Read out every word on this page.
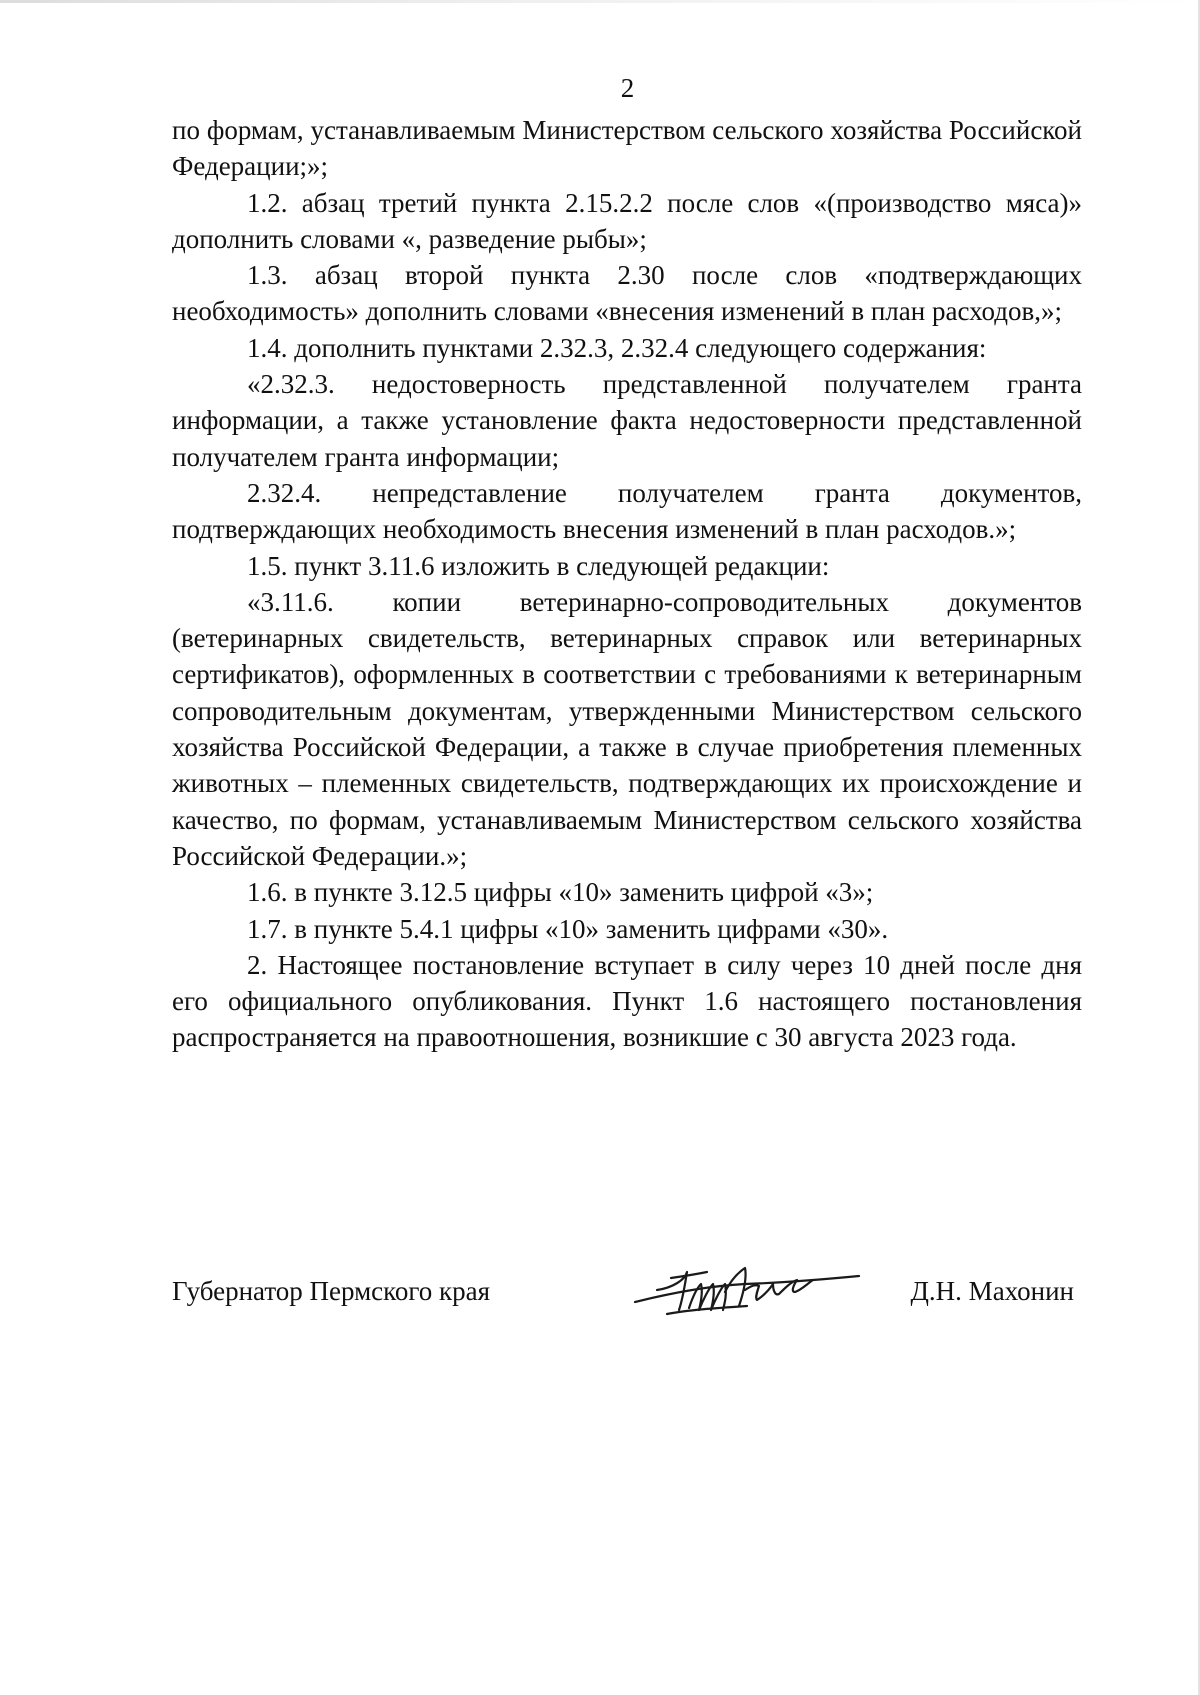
2

по формам, устанавливаемым Министерством сельского хозяйства Российской Федерации;»;

1.2. абзац третий пункта 2.15.2.2 после слов «(производство мяса)» дополнить словами «, разведение рыбы»;

1.3. абзац второй пункта 2.30 после слов «подтверждающих необходимость» дополнить словами «внесения изменений в план расходов,»;

1.4. дополнить пунктами 2.32.3, 2.32.4 следующего содержания:

«2.32.3. недостоверность представленной получателем гранта информации, а также установление факта недостоверности представленной получателем гранта информации;

2.32.4. непредставление получателем гранта документов, подтверждающих необходимость внесения изменений в план расходов.»;

1.5. пункт 3.11.6 изложить в следующей редакции:

«3.11.6. копии ветеринарно-сопроводительных документов (ветеринарных свидетельств, ветеринарных справок или ветеринарных сертификатов), оформленных в соответствии с требованиями к ветеринарным сопроводительным документам, утвержденными Министерством сельского хозяйства Российской Федерации, а также в случае приобретения племенных животных – племенных свидетельств, подтверждающих их происхождение и качество, по формам, устанавливаемым Министерством сельского хозяйства Российской Федерации.»;

1.6. в пункте 3.12.5 цифры «10» заменить цифрой «3»;

1.7. в пункте 5.4.1 цифры «10» заменить цифрами «30».

2. Настоящее постановление вступает в силу через 10 дней после дня его официального опубликования. Пункт 1.6 настоящего постановления распространяется на правоотношения, возникшие с 30 августа 2023 года.

Губернатор Пермского края	Д.Н. Махонин
